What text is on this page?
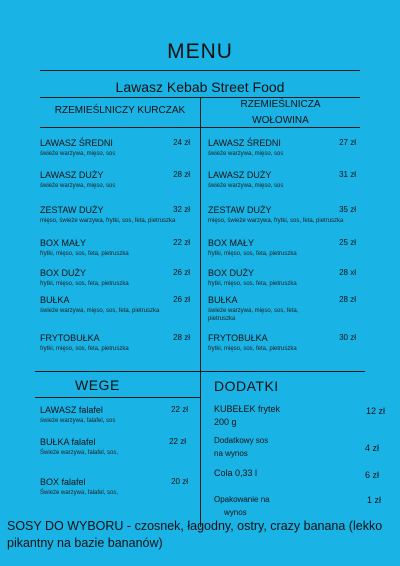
MENU
Lawasz Kebab Street Food
RZEMIEŚLNICZY KURCZAK
RZEMIEŚLNICZA
WOŁOWINA
LAWASZ ŚREDNI
świeże warzywa, mięso, sos
24 zł
LAWASZ DUŻY
świeże warzywa, mięso, sos
28 zł
ZESTAW DUŻY
mięso, świeże warzywa, frytki, sos, feta, pietruszka
32 zł
BOX MAŁY
frytki, mięso, sos, feta, pietruszka
22 zł
BOX DUŻY
frytki, mięso, sos, feta, pietruszka
26 zł
BUŁKA
świeże warzywa, mięso, sos, feta, pietruszka
26 zł
FRYTOBUŁKA
frytki, mięso, sos, feta, pietruszka
28 zł
LAWASZ ŚREDNI
świeże warzywa, mięso, sos
27 zł
LAWASZ DUŻY
świeże warzywa, mięso, sos
31 zł
ZESTAW DUŻY
mięso, świeże warzywa, frytki, sos, feta, pietruszka
35 zł
BOX MAŁY
frytki, mięso, sos, feta, pietruszka
25 zł
BOX DUŻY
frytki, mięso, sos, feta, pietruszka
28 xł
BUŁKA
świeże warzywa, mięso, sos, feta, pietruszka
28 zł
FRYTOBUŁKA
frytki, mięso, sos, feta, pietruszka
30 zł
WEGE
LAWASZ falafel
świeże warzywa, falafel, sos
22 zł
BUŁKA falafel
Świeże warzywa, falafel, sos,
22 zł
BOX falafel
Świeże warzywa, falafel, sos,
20 zł
DODATKI
KUBEŁEK frytek
200 g
12 zł
Dodatkowy sos
na wynos
4 zł
Cola 0,33 l	6 zł
Opakowanie na
wynos
1 zł
SOSY DO WYBORU - czosnek, łagodny, ostry, crazy banana (lekko pikantny na bazie bananów)
